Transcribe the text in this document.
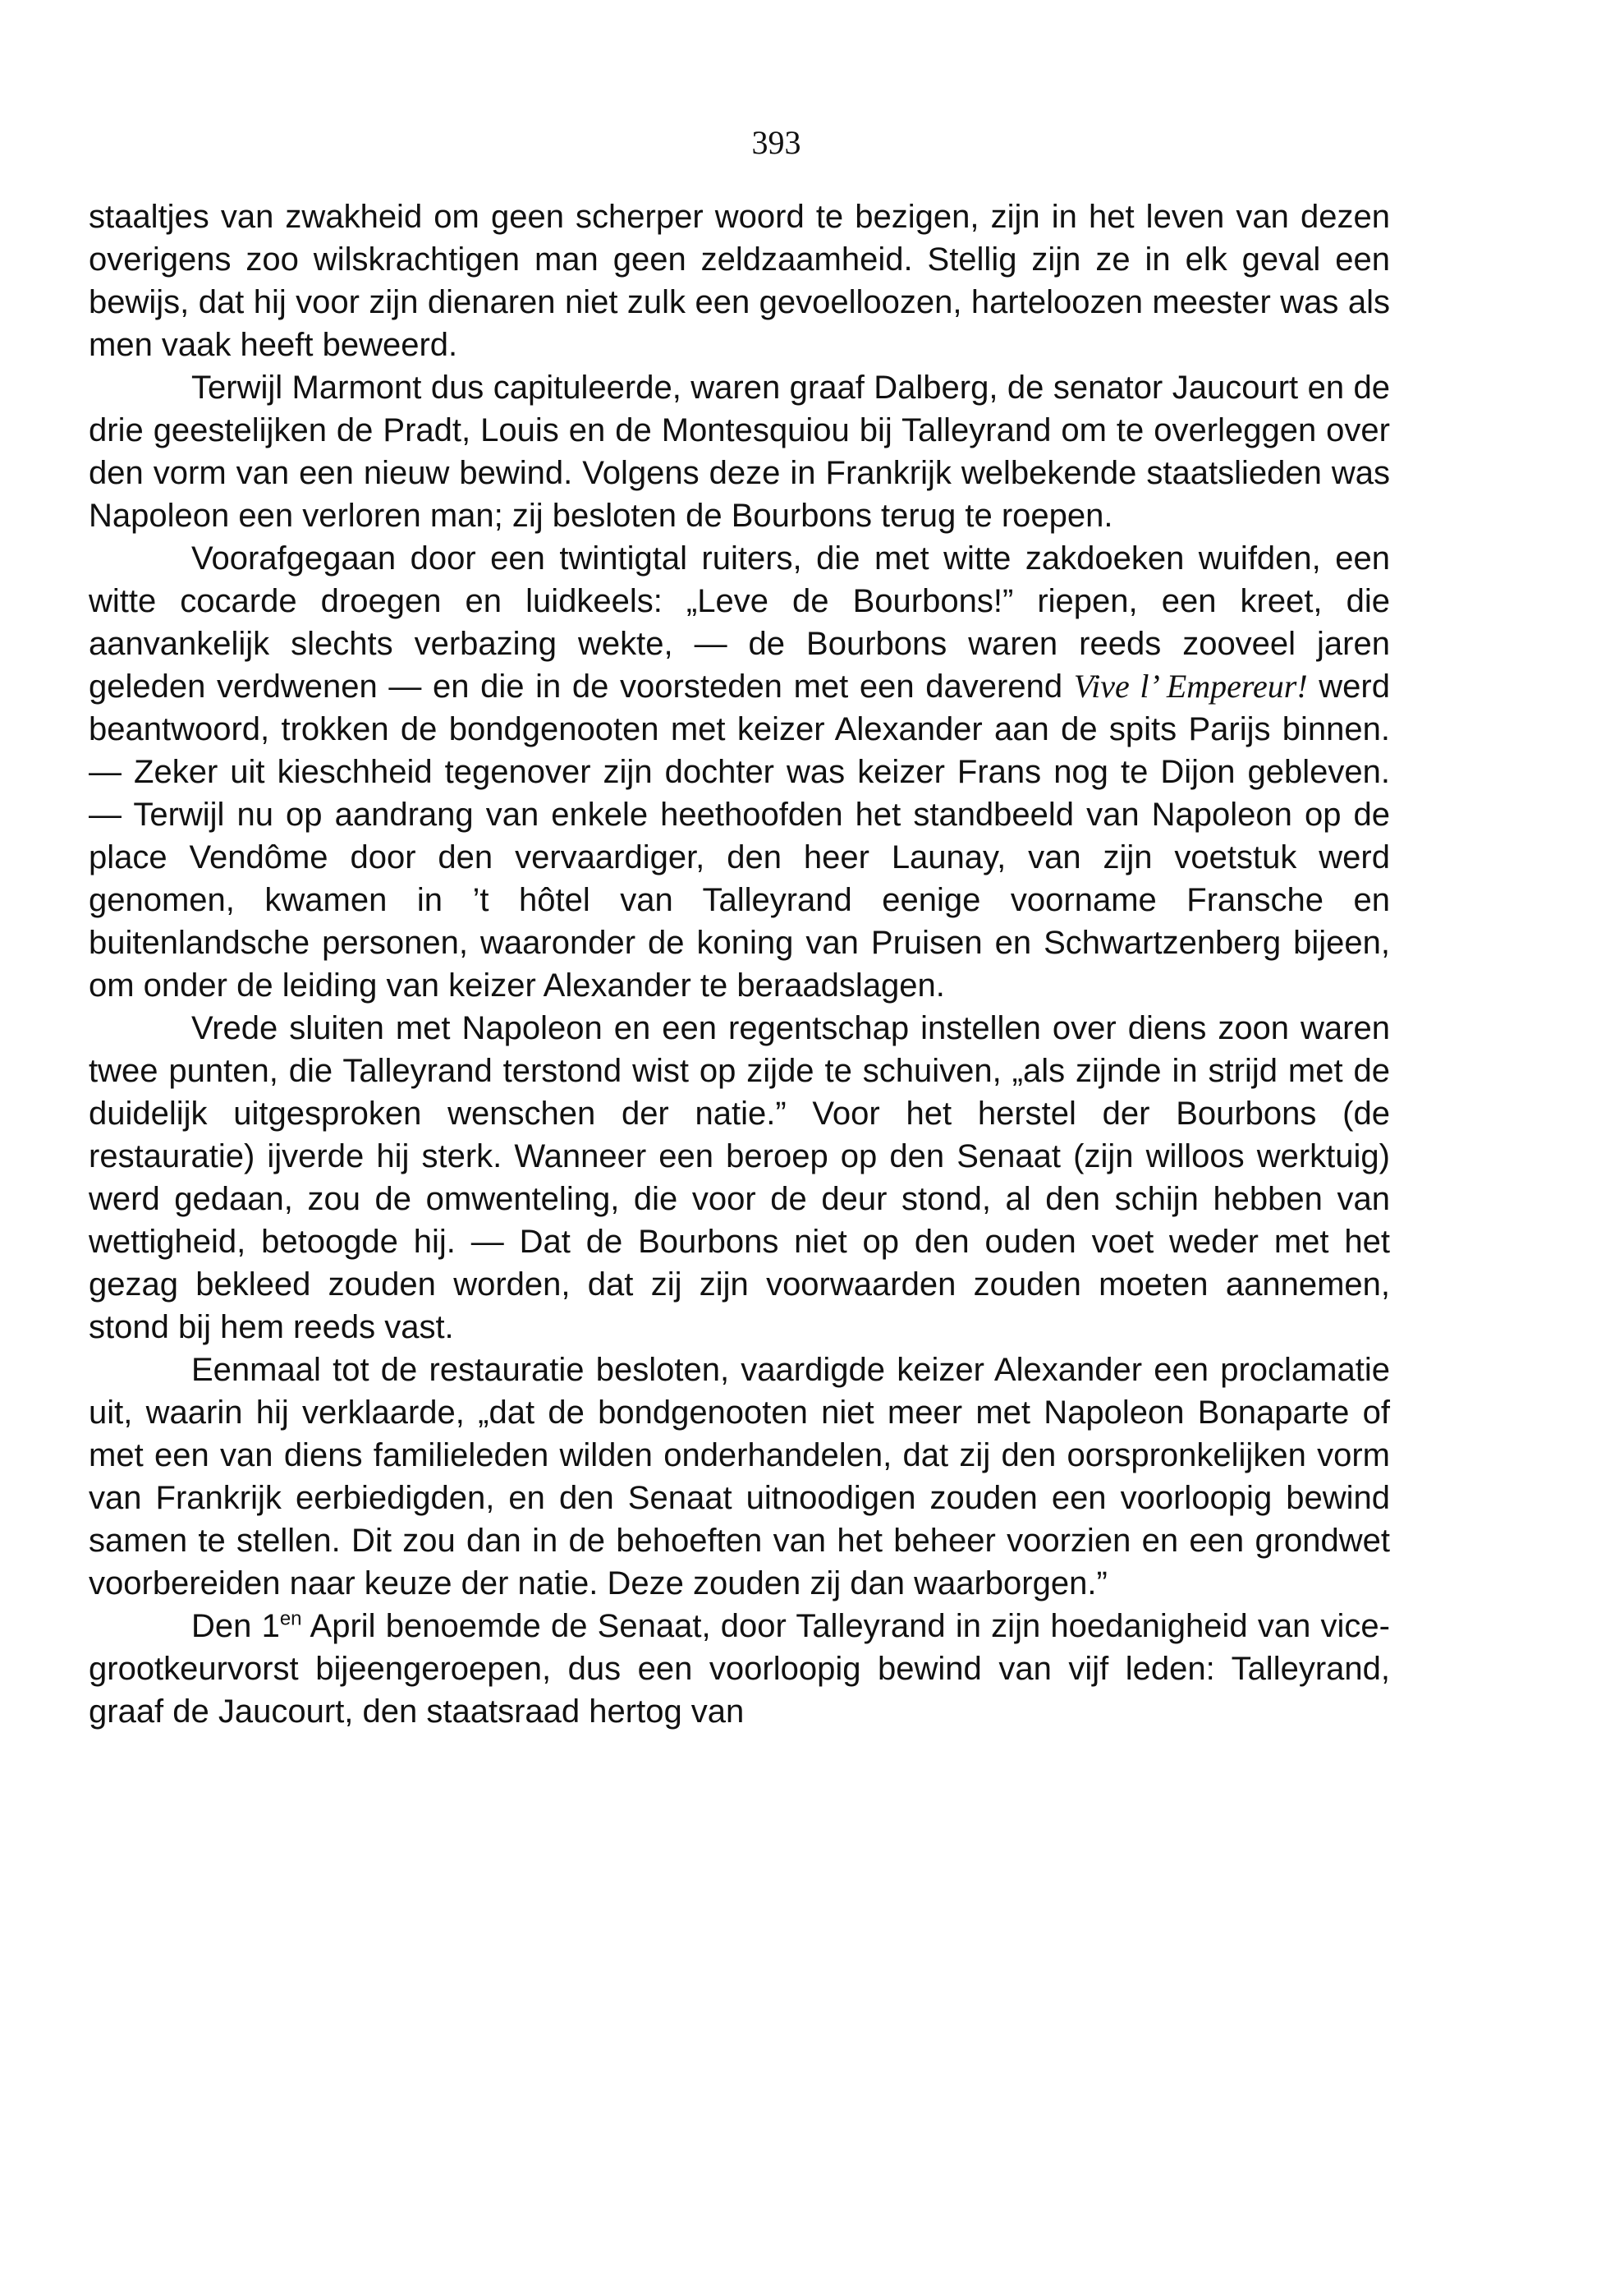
393

staaltjes van zwakheid om geen scherper woord te bezigen, zijn in het leven van dezen overigens zoo wilskrachtigen man geen zeldzaamheid. Stellig zijn ze in elk geval een bewijs, dat hij voor zijn dienaren niet zulk een gevoelloozen, harteloozen meester was als men vaak heeft beweerd.

Terwijl Marmont dus capituleerde, waren graaf Dalberg, de senator Jaucourt en de drie geestelijken de Pradt, Louis en de Montesquiou bij Talleyrand om te overleggen over den vorm van een nieuw bewind. Volgens deze in Frankrijk welbekende staatslieden was Napoleon een verloren man; zij besloten de Bourbons terug te roepen.

Voorafgegaan door een twintigtal ruiters, die met witte zakdoeken wuifden, een witte cocarde droegen en luidkeels: „Leve de Bourbons!” riepen, een kreet, die aanvankelijk slechts verbazing wekte, — de Bourbons waren reeds zooveel jaren geleden verdwenen — en die in de voorsteden met een daverend Vive l’ Empereur! werd beantwoord, trokken de bondgenooten met keizer Alexander aan de spits Parijs binnen. — Zeker uit kieschheid tegenover zijn dochter was keizer Frans nog te Dijon gebleven. — Terwijl nu op aandrang van enkele heethoofden het standbeeld van Napoleon op de place Vendôme door den vervaardiger, den heer Launay, van zijn voetstuk werd genomen, kwamen in ’t hôtel van Talleyrand eenige voorname Fransche en buitenlandsche personen, waaronder de koning van Pruisen en Schwartzenberg bijeen, om onder de leiding van keizer Alexander te beraadslagen.

Vrede sluiten met Napoleon en een regentschap instellen over diens zoon waren twee punten, die Talleyrand terstond wist op zijde te schuiven, „als zijnde in strijd met de duidelijk uitgesproken wenschen der natie.” Voor het herstel der Bourbons (de restauratie) ijverde hij sterk. Wanneer een beroep op den Senaat (zijn willoos werktuig) werd gedaan, zou de omwenteling, die voor de deur stond, al den schijn hebben van wettigheid, betoogde hij. — Dat de Bourbons niet op den ouden voet weder met het gezag bekleed zouden worden, dat zij zijn voorwaarden zouden moeten aannemen, stond bij hem reeds vast.

Eenmaal tot de restauratie besloten, vaardigde keizer Alexander een proclamatie uit, waarin hij verklaarde, „dat de bondgenooten niet meer met Napoleon Bonaparte of met een van diens familieleden wilden onderhandelen, dat zij den oorspronkelijken vorm van Frankrijk eerbiedigden, en den Senaat uitnoodigen zouden een voorloopig bewind samen te stellen. Dit zou dan in de behoeften van het beheer voorzien en een grondwet voorbereiden naar keuze der natie. Deze zouden zij dan waarborgen.”

Den $1^{en}$ April benoemde de Senaat, door Talleyrand in zijn hoedanigheid van vice-grootkeurvorst bijeengeroepen, dus een voorloopig bewind van vijf leden: Talleyrand, graaf de Jaucourt, den staatsraad hertog van
